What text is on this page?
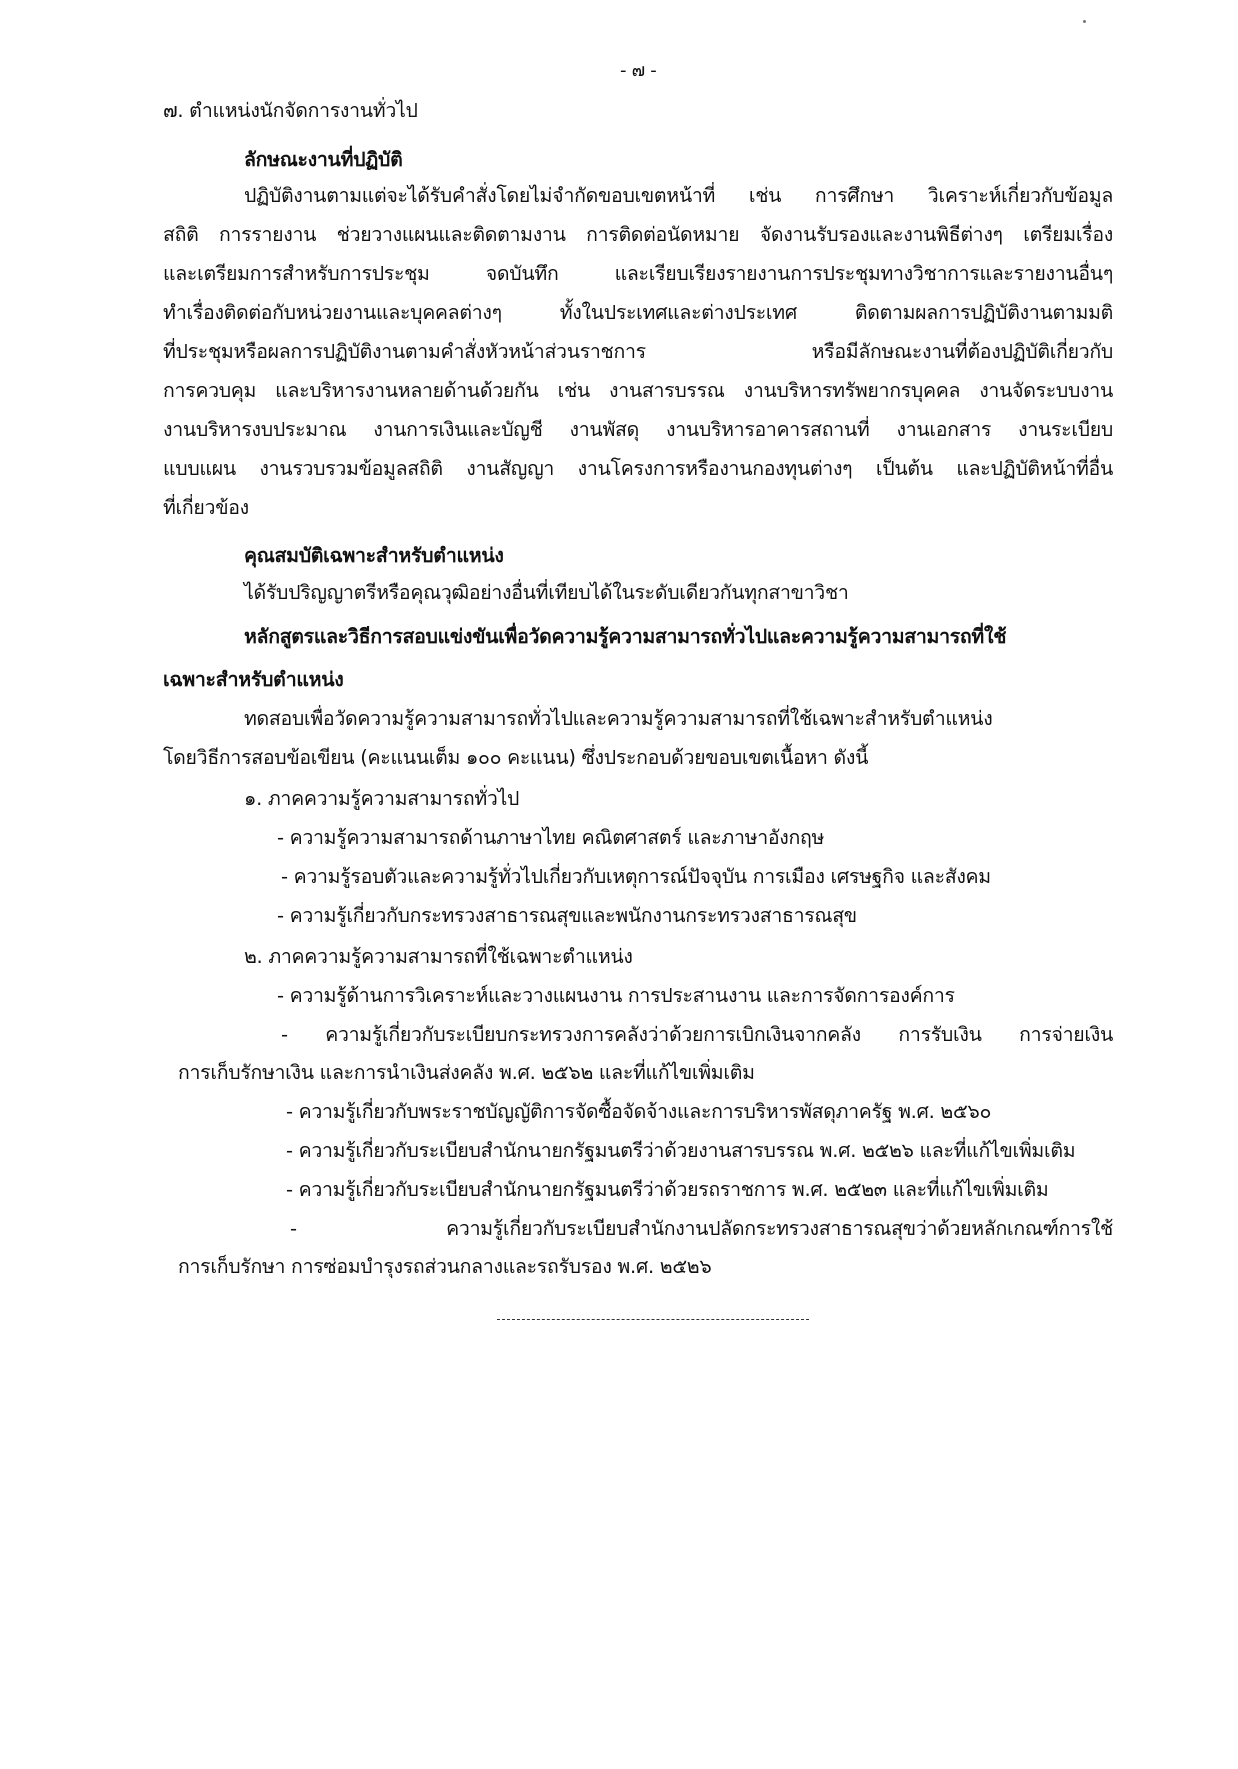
- ๗ -
๗. ตำแหน่งนักจัดการงานทั่วไป
ลักษณะงานที่ปฏิบัติ
ปฏิบัติงานตามแต่จะได้รับคำสั่งโดยไม่จำกัดขอบเขตหน้าที่ เช่น การศึกษา วิเคราะห์เกี่ยวกับข้อมูล
สถิติ การรายงาน ช่วยวางแผนและติดตามงาน การติดต่อนัดหมาย จัดงานรับรองและงานพิธีต่างๆ เตรียมเรื่อง
และเตรียมการสำหรับการประชุม จดบันทึก และเรียบเรียงรายงานการประชุมทางวิชาการและรายงานอื่นๆ
ทำเรื่องติดต่อกับหน่วยงานและบุคคลต่างๆ ทั้งในประเทศและต่างประเทศ ติดตามผลการปฏิบัติงานตามมติ
ที่ประชุมหรือผลการปฏิบัติงานตามคำสั่งหัวหน้าส่วนราชการ หรือมีลักษณะงานที่ต้องปฏิบัติเกี่ยวกับ
การควบคุม และบริหารงานหลายด้านด้วยกัน เช่น งานสารบรรณ งานบริหารทรัพยากรบุคคล งานจัดระบบงาน
งานบริหารงบประมาณ งานการเงินและบัญชี งานพัสดุ งานบริหารอาคารสถานที่ งานเอกสาร งานระเบียบ
แบบแผน งานรวบรวมข้อมูลสถิติ งานสัญญา งานโครงการหรืองานกองทุนต่างๆ เป็นต้น และปฏิบัติหน้าที่อื่น
ที่เกี่ยวข้อง
คุณสมบัติเฉพาะสำหรับตำแหน่ง
ได้รับปริญญาตรีหรือคุณวุฒิอย่างอื่นที่เทียบได้ในระดับเดียวกันทุกสาขาวิชา
หลักสูตรและวิธีการสอบแข่งขันเพื่อวัดความรู้ความสามารถทั่วไปและความรู้ความสามารถที่ใช้
เฉพาะสำหรับตำแหน่ง
ทดสอบเพื่อวัดความรู้ความสามารถทั่วไปและความรู้ความสามารถที่ใช้เฉพาะสำหรับตำแหน่ง
โดยวิธีการสอบข้อเขียน (คะแนนเต็ม ๑๐๐ คะแนน) ซึ่งประกอบด้วยขอบเขตเนื้อหา ดังนี้
๑. ภาคความรู้ความสามารถทั่วไป
- ความรู้ความสามารถด้านภาษาไทย คณิตศาสตร์ และภาษาอังกฤษ
- ความรู้รอบตัวและความรู้ทั่วไปเกี่ยวกับเหตุการณ์ปัจจุบัน การเมือง เศรษฐกิจ และสังคม
- ความรู้เกี่ยวกับกระทรวงสาธารณสุขและพนักงานกระทรวงสาธารณสุข
๒. ภาคความรู้ความสามารถที่ใช้เฉพาะตำแหน่ง
- ความรู้ด้านการวิเคราะห์และวางแผนงาน การประสานงาน และการจัดการองค์การ
- ความรู้เกี่ยวกับระเบียบกระทรวงการคลังว่าด้วยการเบิกเงินจากคลัง การรับเงิน การจ่ายเงิน
การเก็บรักษาเงิน และการนำเงินส่งคลัง พ.ศ. ๒๕๖๒ และที่แก้ไขเพิ่มเติม
- ความรู้เกี่ยวกับพระราชบัญญัติการจัดซื้อจัดจ้างและการบริหารพัสดุภาครัฐ พ.ศ. ๒๕๖๐
- ความรู้เกี่ยวกับระเบียบสำนักนายกรัฐมนตรีว่าด้วยงานสารบรรณ พ.ศ. ๒๕๒๖ และที่แก้ไขเพิ่มเติม
- ความรู้เกี่ยวกับระเบียบสำนักนายกรัฐมนตรีว่าด้วยรถราชการ พ.ศ. ๒๕๒๓ และที่แก้ไขเพิ่มเติม
- ความรู้เกี่ยวกับระเบียบสำนักงานปลัดกระทรวงสาธารณสุขว่าด้วยหลักเกณฑ์การใช้
การเก็บรักษา การซ่อมบำรุงรถส่วนกลางและรถรับรอง พ.ศ. ๒๕๒๖
